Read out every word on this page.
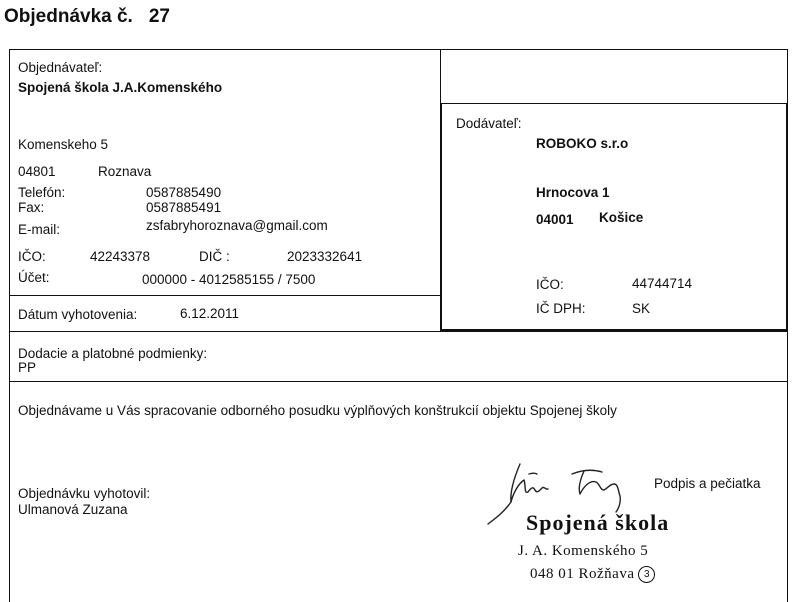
Objednávka č. 27
Objednávateľ:
Spojená škola J.A.Komenského
Komenskeho 5
04801	Roznava
Telefón:	0587885490
Fax:	0587885491
E-mail:	zsfabryhoroznava@gmail.com
IČO:	42243378	DIČ :	2023332641
Účet:	000000 - 4012585155 / 7500
Dátum vyhotovenia:	6.12.2011
Dodávateľ:
ROBOKO s.r.o
Hrnocova 1
04001 Košice
IČO:	44744714
IČ DPH:	SK
Dodacie a platobné podmienky:
PP
Objednávame u Vás spracovanie odborného posudku výplňových konštrukcií objektu Spojenej školy
Objednávku vyhotovil:
Ulmanová Zuzana
Podpis a pečiatka
Spojená škola
J. A. Komenského 5
048 01 Rožňava 3
